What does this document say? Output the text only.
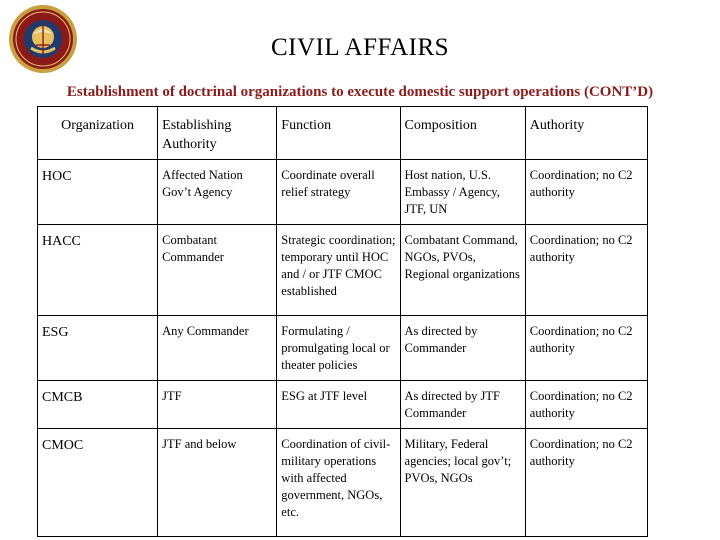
CIVIL AFFAIRS
Establishment of doctrinal organizations to execute domestic support operations (CONT’D)
Organization	Establishing Authority	Function	Composition	Authority
HOC	Affected Nation Gov’t Agency	Coordinate overall relief strategy	Host nation, U.S. Embassy / Agency, JTF, UN	Coordination; no C2 authority
HACC	Combatant Commander	Strategic coordination; temporary until HOC and / or JTF CMOC established	Combatant Command, NGOs, PVOs, Regional organizations	Coordination; no C2 authority
ESG	Any Commander	Formulating / promulgating local or theater policies	As directed by Commander	Coordination; no C2 authority
CMCB	JTF	ESG at JTF level	As directed by JTF Commander	Coordination; no C2 authority
CMOC	JTF and below	Coordination of civil-military operations with affected government, NGOs, etc.	Military, Federal agencies; local gov’t; PVOs, NGOs	Coordination; no C2 authority
